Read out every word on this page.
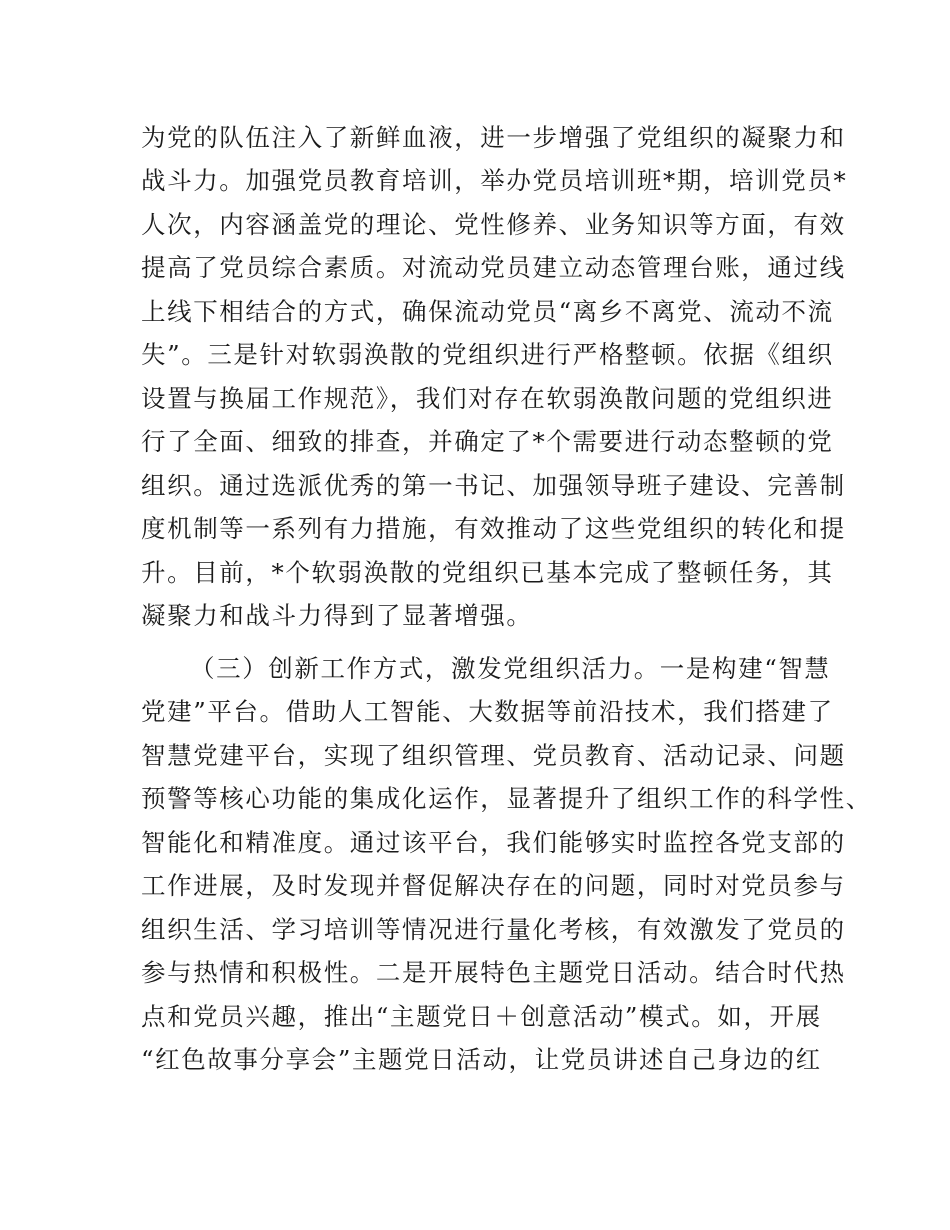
为党的队伍注入了新鲜血液，进一步增强了党组织的凝聚力和
战斗力。加强党员教育培训，举办党员培训班*期，培训党员*
人次，内容涵盖党的理论、党性修养、业务知识等方面，有效
提高了党员综合素质。对流动党员建立动态管理台账，通过线
上线下相结合的方式，确保流动党员“离乡不离党、流动不流
失”。三是针对软弱涣散的党组织进行严格整顿。依据《组织
设置与换届工作规范》，我们对存在软弱涣散问题的党组织进
行了全面、细致的排查，并确定了*个需要进行动态整顿的党
组织。通过选派优秀的第一书记、加强领导班子建设、完善制
度机制等一系列有力措施，有效推动了这些党组织的转化和提
升。目前，*个软弱涣散的党组织已基本完成了整顿任务，其
凝聚力和战斗力得到了显著增强。
（三）创新工作方式，激发党组织活力。一是构建“智慧
党建”平台。借助人工智能、大数据等前沿技术，我们搭建了
智慧党建平台，实现了组织管理、党员教育、活动记录、问题
预警等核心功能的集成化运作，显著提升了组织工作的科学性、
智能化和精准度。通过该平台，我们能够实时监控各党支部的
工作进展，及时发现并督促解决存在的问题，同时对党员参与
组织生活、学习培训等情况进行量化考核，有效激发了党员的
参与热情和积极性。二是开展特色主题党日活动。结合时代热
点和党员兴趣，推出“主题党日＋创意活动”模式。如，开展
“红色故事分享会”主题党日活动，让党员讲述自己身边的红
